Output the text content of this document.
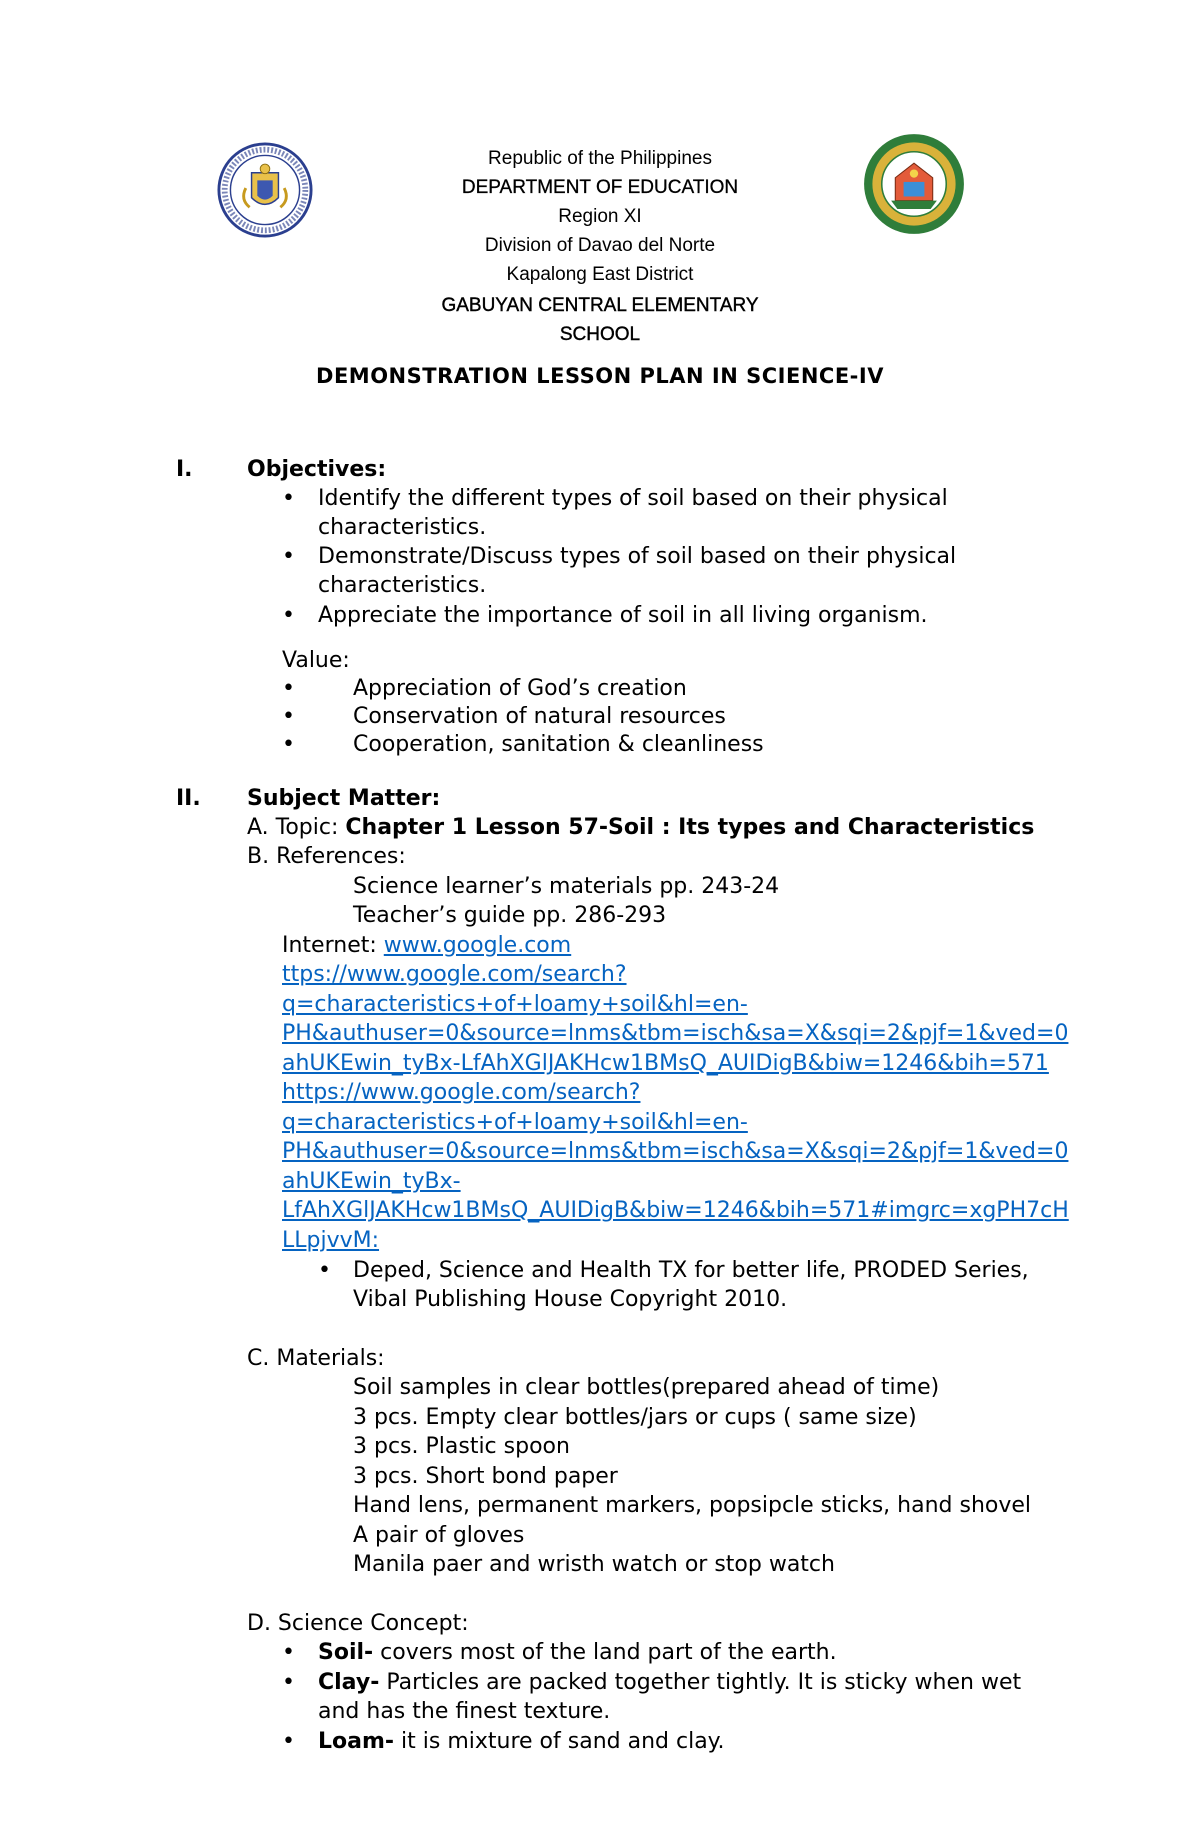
Republic of the Philippines
DEPARTMENT OF EDUCATION
Region XI
Division of Davao del Norte
Kapalong East District
GABUYAN CENTRAL ELEMENTARY SCHOOL
DEMONSTRATION LESSON PLAN IN SCIENCE-IV
I. Objectives:
• Identify the different types of soil based on their physical
characteristics.
• Demonstrate/Discuss types of soil based on their physical
characteristics.
• Appreciate the importance of soil in all living organism.
Value:
•	Appreciation of God’s creation
•	Conservation of natural resources
•	Cooperation, sanitation & cleanliness
II. Subject Matter:
A. Topic: Chapter 1 Lesson 57-Soil : Its types and Characteristics
B. References:
Science learner’s materials pp. 243-24
Teacher’s guide pp. 286-293
Internet: www.google.com
ttps://www.google.com/search?
q=characteristics+of+loamy+soil&hl=en-
PH&authuser=0&source=lnms&tbm=isch&sa=X&sqi=2&pjf=1&ved=0
ahUKEwin_tyBx-LfAhXGlJAKHcw1BMsQ_AUIDigB&biw=1246&bih=571
https://www.google.com/search?
q=characteristics+of+loamy+soil&hl=en-
PH&authuser=0&source=lnms&tbm=isch&sa=X&sqi=2&pjf=1&ved=0
ahUKEwin_tyBx-
LfAhXGlJAKHcw1BMsQ_AUIDigB&biw=1246&bih=571#imgrc=xgPH7cH
LLpjvvM:
• Deped, Science and Health TX for better life, PRODED Series,
Vibal Publishing House Copyright 2010.
C. Materials:
Soil samples in clear bottles(prepared ahead of time)
3 pcs. Empty clear bottles/jars or cups ( same size)
3 pcs. Plastic spoon
3 pcs. Short bond paper
Hand lens, permanent markers, popsipcle sticks, hand shovel
A pair of gloves
Manila paer and wristh watch or stop watch
D. Science Concept:
• Soil- covers most of the land part of the earth.
• Clay- Particles are packed together tightly. It is sticky when wet
and has the finest texture.
• Loam- it is mixture of sand and clay.
